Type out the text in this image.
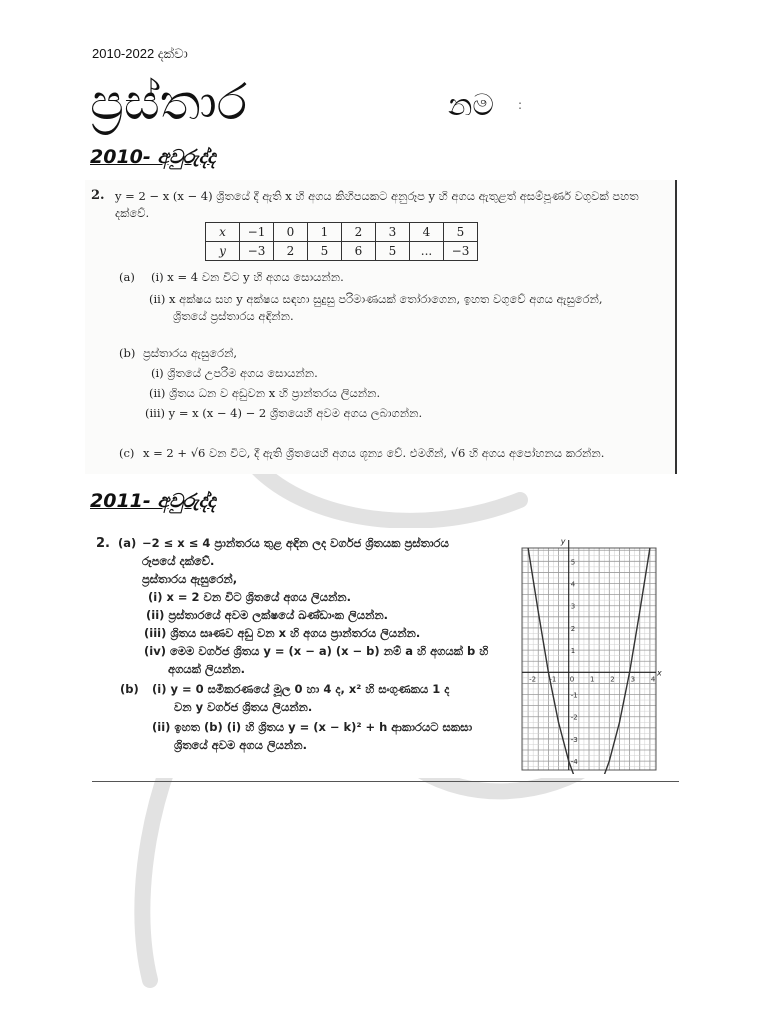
2010-2022 දක්වා
ප්‍රස්තාර	නම :
2010- අවුරුද්ද
2. y = 2 − x (x − 4) ශ්‍රිතයේ දී ඇති x හි අගය කිහිපයකට අනුරූප y හි අගය ඇතුළත් අසම්පූර්ණ වගුවක් පහත
දක්වේ.
x	−1	0	1	2	3	4	5
y	−3	2	5	6	5	...	−3
(a) (i) x = 4 වන විට y හි අගය සොයන්න.
(ii) x අක්ෂය සහ y අක්ෂය සඳහා සුදුසු පරිමාණයක් තෝරාගෙන, ඉහත වගුවේ අගය ඇසුරෙන්,
ශ්‍රිතයේ ප්‍රස්තාරය අඳින්න.
(b) ප්‍රස්තාරය ඇසුරෙන්,
(i) ශ්‍රිතයේ උපරිම අගය සොයන්න.
(ii) ශ්‍රිතය ධන ව අඩුවන x හි ප්‍රාන්තරය ලියන්න.
(iii) y = x (x − 4) − 2 ශ්‍රිතයෙහි අවම අගය ලබාගන්න.
(c) x = 2 + √6 වන විට, දී ඇති ශ්‍රිතයෙහි අගය ශූන්‍ය වේ. එමගින්, √6 හි අගය අපෝහනය කරන්න.
2011- අවුරුද්ද
2. (a) −2 ≤ x ≤ 4 ප්‍රාන්තරය තුළ අඳින ලද වර්ගජ ශ්‍රිතයක ප්‍රස්තාරය
රූපයේ දක්වේ.
ප්‍රස්තාරය ඇසුරෙන්,
(i) x = 2 වන විට ශ්‍රිතයේ අගය ලියන්න.
(ii) ප්‍රස්තාරයේ අවම ලක්ෂයේ ඛණ්ඩාංක ලියන්න.
(iii) ශ්‍රිතය සෘණව අඩු වන x හි අගය ප්‍රාන්තරය ලියන්න.
(iv) මෙම වර්ගජ ශ්‍රිතය y = (x − a) (x − b) නම් a හි අගයක් b හි
අගයක් ලියන්න.
(b) (i) y = 0 සමීකරණයේ මූල 0 හා 4 ද, x² හි සංගුණකය 1 ද
වන y වර්ගජ ශ්‍රිතය ලියන්න.
(ii) ඉහත (b) (i) හි ශ්‍රිතය y = (x − k)² + h ආකාරයට සකසා
ශ්‍රිතයේ අවම අගය ලියන්න.
x
y
-2 -1 0 1 2 3 4
5
4
3
2
1
-1
-2
-3
-4
